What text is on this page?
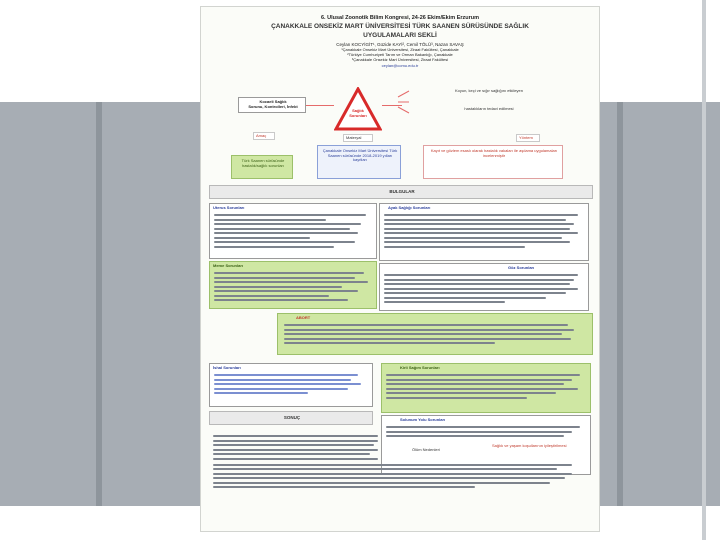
6. Ulusal Zoonotik Bilim Kongresi, 24-26 Ekim/Ekim Erzurum
ÇANAKKALE ONSEKİZ MART ÜNİVERSİTESİ TÜRK SAANEN SÜRÜSÜNDE SAĞLIK
UYGULAMALARI SEKLİ
Ceylan KOCYİGİT¹, Güzide KAYİ², Cemil TÖLÜ³, Nazan SAVAŞ
¹Çanakkale Onsekiz Mart Üniversitesi, Ziraat Fakültesi, Çanakkale
²Türkiye Cumhuriyeti Tarım ve Orman Bakanlığı, Çanakkale
³Çanakkale Onsekiz Mart Üniversitesi, Ziraat Fakültesi
ceylan@comu.edu.tr
Kocaeli Sağlık
Sorunu, Kontrolleri, İnfekt
Sağlık
Sorunları
Koyun, keçi ve sığır sağlığını etkileyen
hastalıkların tedavi edilmesi
Amaç	Materyal	Yöntem
Türk Saanen sürüsünde hastalık/sağlık sorunları
Çanakkale Onsekiz Mart Üniversitesi Türk Saanen sürüsünde 2018-2019 yılları kayıtları
Kayıt ve gözlem esaslı olarak hastalık vakaları ile aşılama uygulamaları incelenmiştir
BULGULAR
Uterus Sorunları	Ayak Sağlığı Sorunları
Meme Sorunları	Göz Sorunları
ABORT
İshal Sorunları	Kirli Sağım Sorunları
SONUÇ	Solunum Yolu Sorunları
Ölüm Nedenleri
Sağlık ve yaşam koşullarının iyileştirilmesi
